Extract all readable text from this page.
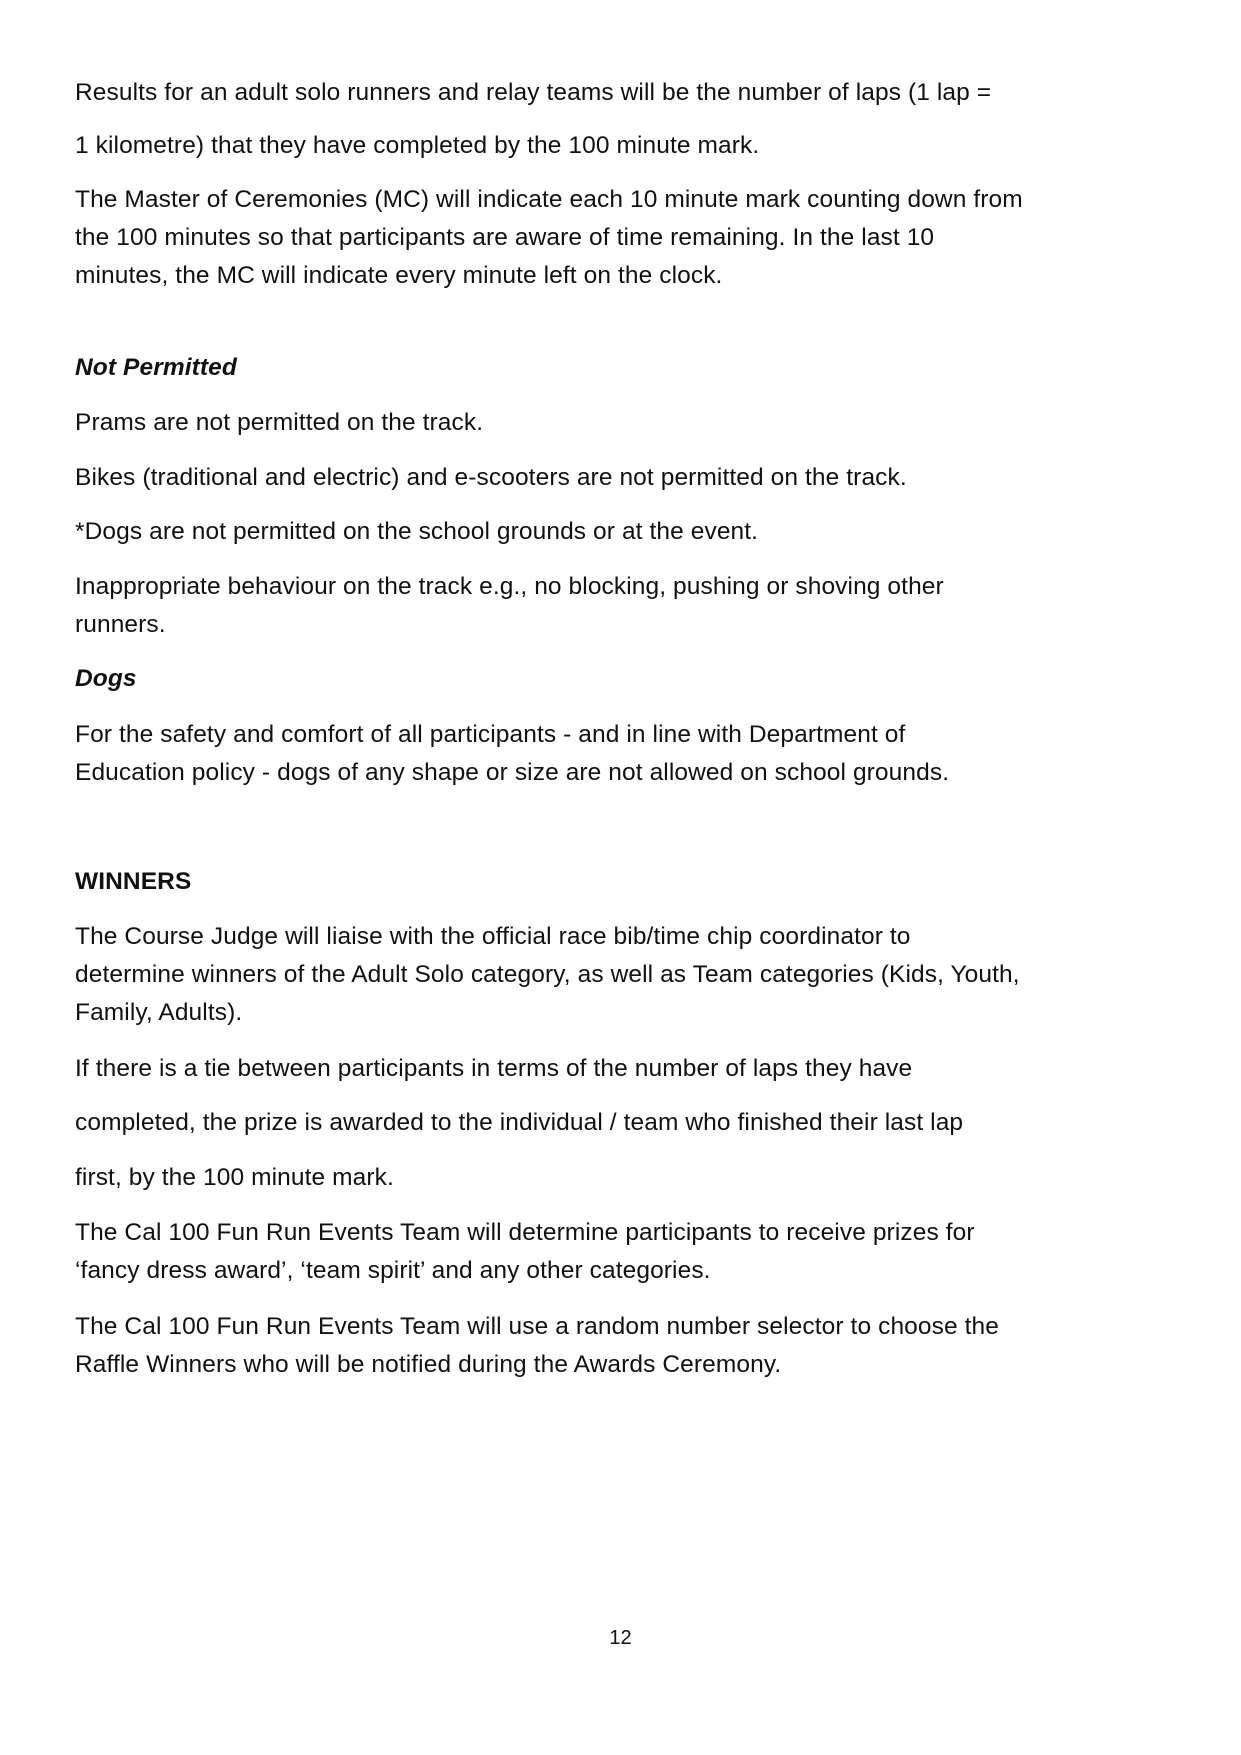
Results for an adult solo runners and relay teams will be the number of laps (1 lap =
1 kilometre) that they have completed by the 100 minute mark.
The Master of Ceremonies (MC) will indicate each 10 minute mark counting down from
the 100 minutes so that participants are aware of time remaining. In the last 10
minutes, the MC will indicate every minute left on the clock.
Not Permitted
Prams are not permitted on the track.
Bikes (traditional and electric) and e-scooters are not permitted on the track.
*Dogs are not permitted on the school grounds or at the event.
Inappropriate behaviour on the track e.g., no blocking, pushing or shoving other
runners.
Dogs
For the safety and comfort of all participants - and in line with Department of
Education policy - dogs of any shape or size are not allowed on school grounds.
WINNERS
The Course Judge will liaise with the official race bib/time chip coordinator to
determine winners of the Adult Solo category, as well as Team categories (Kids, Youth,
Family, Adults).
If there is a tie between participants in terms of the number of laps they have
completed, the prize is awarded to the individual / team who finished their last lap
first, by the 100 minute mark.
The Cal 100 Fun Run Events Team will determine participants to receive prizes for
‘fancy dress award’, ‘team spirit’ and any other categories.
The Cal 100 Fun Run Events Team will use a random number selector to choose the
Raffle Winners who will be notified during the Awards Ceremony.
12
